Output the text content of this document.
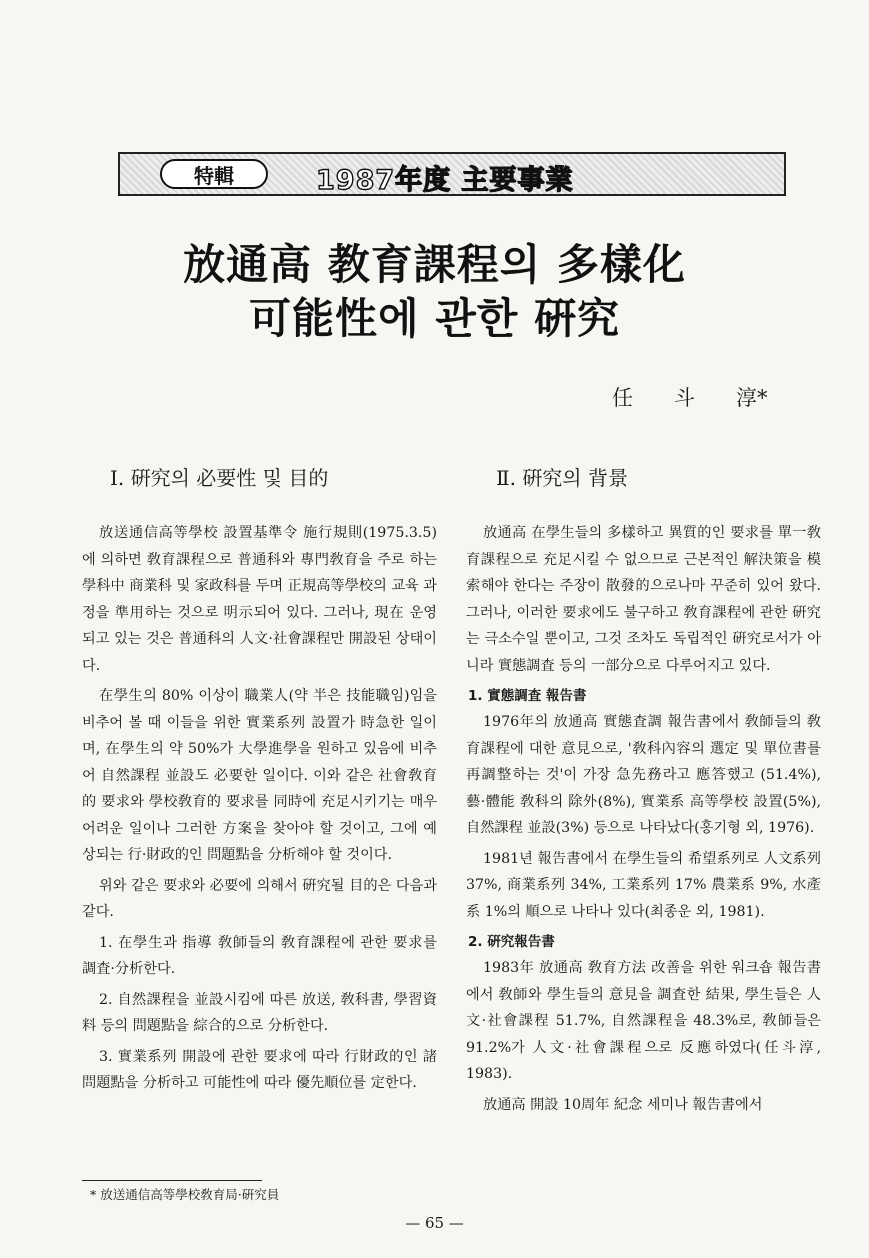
特輯	1987年度 主要事業
放通高 教育課程의 多樣化
可能性에 관한 硏究
任 斗 淳*
Ⅰ. 硏究의 必要性 및 目的

放送通信高等學校 設置基準令 施行規則(1975.3.5)에 의하면 敎育課程으로 普通科와 專門敎育을 주로 하는 學科中 商業科 및 家政科를 두며 正規高等學校의 교육 과정을 準用하는 것으로 明示되어 있다. 그러나, 現在 운영되고 있는 것은 普通科의 人文·社會課程만 開設된 상태이다.

在學生의 80% 이상이 職業人(약 半은 技能職임)임을 비추어 볼 때 이들을 위한 實業系列 設置가 時急한 일이며, 在學生의 약 50%가 大學進學을 원하고 있음에 비추어 自然課程 並設도 必要한 일이다. 이와 같은 社會敎育的 要求와 學校敎育的 要求를 同時에 充足시키기는 매우 어려운 일이나 그러한 方案을 찾아야 할 것이고, 그에 예상되는 行·財政的인 問題點을 分析해야 할 것이다.

위와 같은 要求와 必要에 의해서 硏究될 目的은 다음과 같다.

1. 在學生과 指導 敎師들의 敎育課程에 관한 要求를 調査·分析한다.

2. 自然課程을 並設시킴에 따른 放送, 敎科書, 學習資料 등의 問題點을 綜合的으로 分析한다.

3. 實業系列 開設에 관한 要求에 따라 行財政的인 諸問題點을 分析하고 可能性에 따라 優先順位를 定한다.

Ⅱ. 硏究의 背景

放通高 在學生들의 多樣하고 異質的인 要求를 單一敎育課程으로 充足시킬 수 없으므로 근본적인 解決策을 模索해야 한다는 주장이 散發的으로나마 꾸준히 있어 왔다. 그러나, 이러한 要求에도 불구하고 敎育課程에 관한 硏究는 극소수일 뿐이고, 그것 조차도 독립적인 硏究로서가 아니라 實態調査 등의 一部分으로 다루어지고 있다.

1. 實態調査 報告書

1976年의 放通高 實態査調 報告書에서 敎師들의 敎育課程에 대한 意見으로, '敎科內容의 選定 및 單位書를 再調整하는 것'이 가장 急先務라고 應答했고 (51.4%), 藝·體能 敎科의 除外(8%), 實業系 高等學校 設置(5%), 自然課程 並設(3%) 등으로 나타났다(홍기형 외, 1976).

1981년 報告書에서 在學生들의 希望系列로 人文系列 37%, 商業系列 34%, 工業系列 17% 農業系 9%, 水產系 1%의 順으로 나타나 있다(최종운 외, 1981).

2. 硏究報告書

1983年 放通高 敎育方法 改善을 위한 워크숍 報告書에서 敎師와 學生들의 意見을 調査한 結果, 學生들은 人文·社會課程 51.7%, 自然課程을 48.3%로, 敎師들은 91.2%가 人文·社會課程으로 反應하였다(任斗淳, 1983).

放通高 開設 10周年 紀念 세미나 報告書에서

* 放送通信高等學校敎育局·硏究員
— 65 —
